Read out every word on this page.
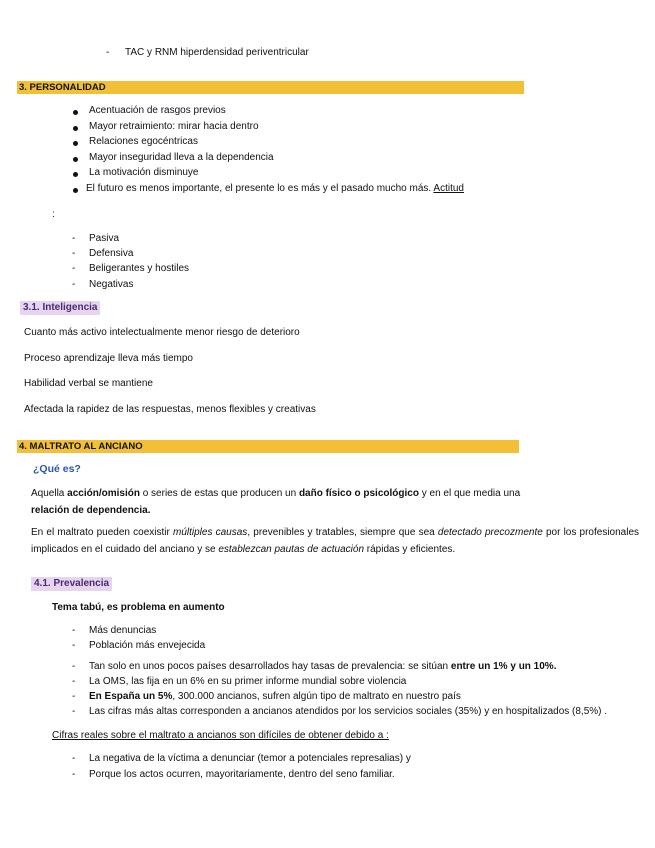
- TAC y RNM hiperdensidad periventricular
3. PERSONALIDAD
Acentuación de rasgos previos
Mayor retraimiento: mirar hacia dentro
Relaciones egocéntricas
Mayor inseguridad lleva a la dependencia
La motivación disminuye
El futuro es menos importante, el presente lo es más y el pasado mucho más. Actitud
:
- Pasiva
- Defensiva
- Beligerantes y hostiles
- Negativas
3.1. Inteligencia
Cuanto más activo intelectualmente menor riesgo de deterioro
Proceso aprendizaje lleva más tiempo
Habilidad verbal se mantiene
Afectada la rapidez de las respuestas, menos flexibles y creativas
4. MALTRATO AL ANCIANO
¿Qué es?
Aquella acción/omisión o series de estas que producen un daño físico o psicológico y en el que media una
relación de dependencia.
En el maltrato pueden coexistir múltiples causas, prevenibles y tratables, siempre que sea detectado precozmente por los profesionales implicados en el cuidado del anciano y se establezcan pautas de actuación rápidas y eficientes.
4.1. Prevalencia
Tema tabú, es problema en aumento
- Más denuncias
- Población más envejecida
- Tan solo en unos pocos países desarrollados hay tasas de prevalencia: se sitúan entre un 1% y un 10%.
- La OMS, las fija en un 6% en su primer informe mundial sobre violencia
- En España un 5%, 300.000 ancianos, sufren algún tipo de maltrato en nuestro país
- Las cifras más altas corresponden a ancianos atendidos por los servicios sociales (35%) y en hospitalizados (8,5%) .
Cifras reales sobre el maltrato a ancianos son difíciles de obtener debido a :
- La negativa de la víctima a denunciar (temor a potenciales represalias) y
- Porque los actos ocurren, mayoritariamente, dentro del seno familiar.
